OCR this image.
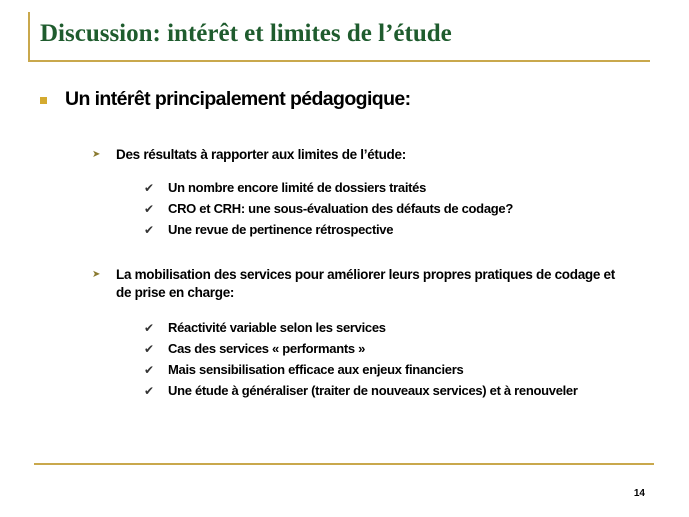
Discussion: intérêt et limites de l’étude
Un intérêt principalement pédagogique:
➤	Des résultats à rapporter aux limites de l’étude:
✔	Un nombre encore limité de dossiers traités
✔	CRO et CRH: une sous-évaluation des défauts de codage?
✔	Une revue de pertinence rétrospective
➤	La mobilisation des services pour améliorer leurs propres pratiques de codage et de prise en charge:
✔	Réactivité variable selon les services
✔	Cas des services « performants »
✔	Mais sensibilisation efficace aux enjeux financiers
✔	Une étude à généraliser (traiter de nouveaux services) et à renouveler
14
